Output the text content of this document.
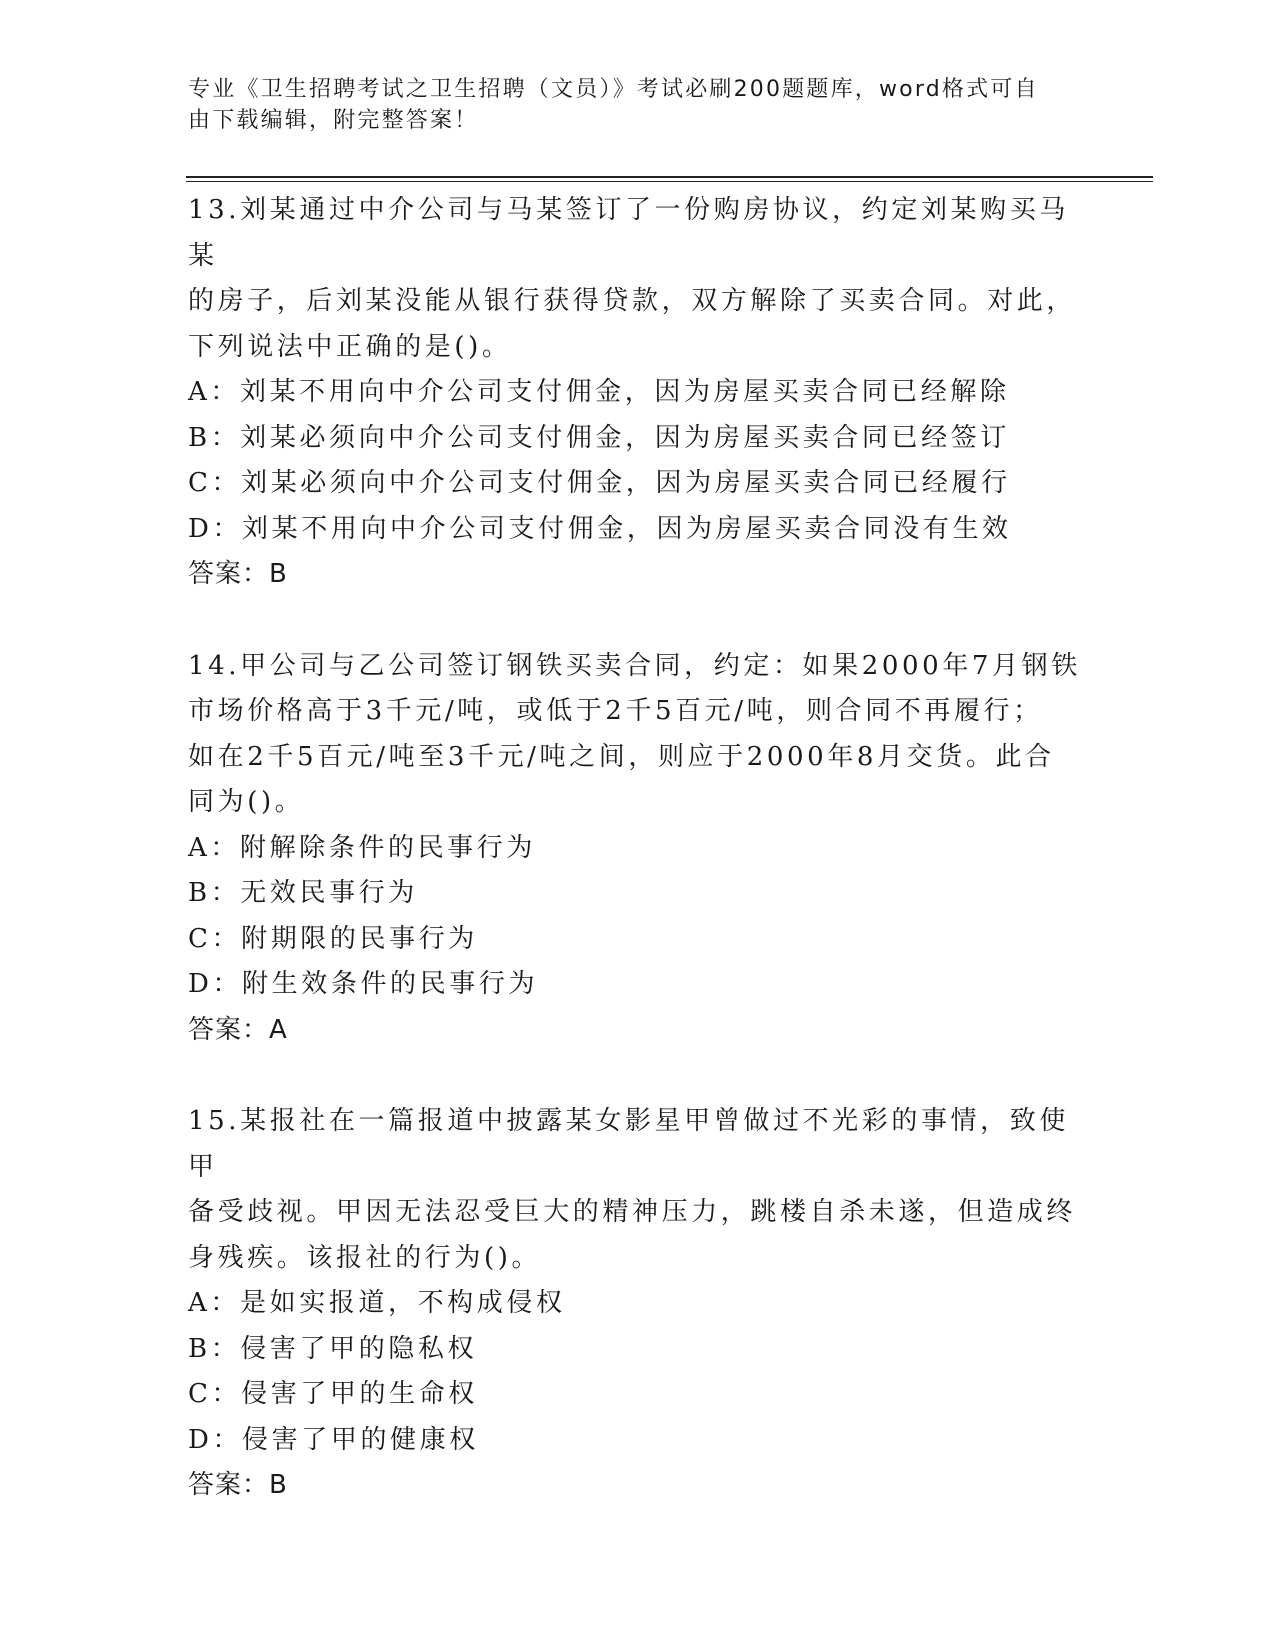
专业《卫生招聘考试之卫生招聘（文员）》考试必刷200题题库，word格式可自
由下载编辑，附完整答案！

13.刘某通过中介公司与马某签订了一份购房协议，约定刘某购买马某

的房子，后刘某没能从银行获得贷款，双方解除了买卖合同。对此，

下列说法中正确的是()。

A：刘某不用向中介公司支付佣金，因为房屋买卖合同已经解除

B：刘某必须向中介公司支付佣金，因为房屋买卖合同已经签订

C：刘某必须向中介公司支付佣金，因为房屋买卖合同已经履行

D：刘某不用向中介公司支付佣金，因为房屋买卖合同没有生效

答案：B

14.甲公司与乙公司签订钢铁买卖合同，约定：如果2000年7月钢铁

市场价格高于3千元/吨，或低于2千5百元/吨，则合同不再履行；

如在2千5百元/吨至3千元/吨之间，则应于2000年8月交货。此合

同为()。

A：附解除条件的民事行为

B：无效民事行为

C：附期限的民事行为

D：附生效条件的民事行为

答案：A

15.某报社在一篇报道中披露某女影星甲曾做过不光彩的事情，致使甲

备受歧视。甲因无法忍受巨大的精神压力，跳楼自杀未遂，但造成终

身残疾。该报社的行为()。

A：是如实报道，不构成侵权

B：侵害了甲的隐私权

C：侵害了甲的生命权

D：侵害了甲的健康权

答案：B
